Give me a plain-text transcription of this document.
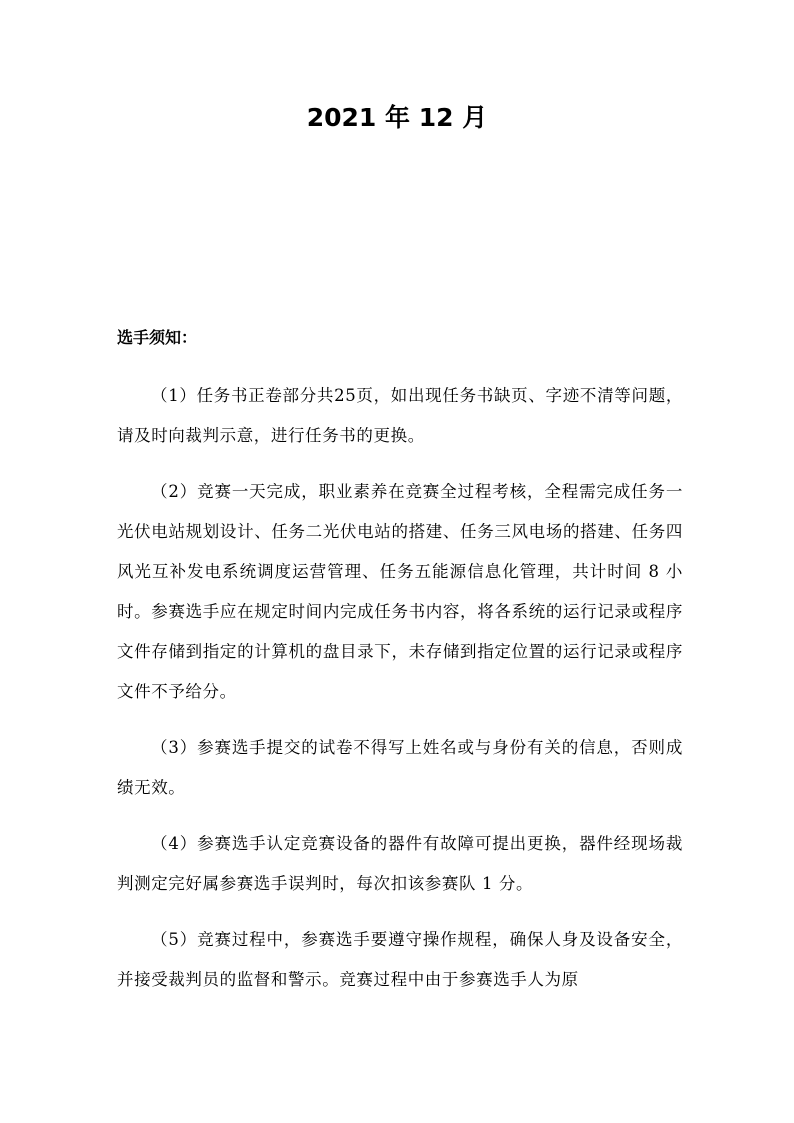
2021 年 12 月
选手须知：

（1）任务书正卷部分共25页，如出现任务书缺页、字迹不清等问题，请及时向裁判示意，进行任务书的更换。

（2）竞赛一天完成，职业素养在竞赛全过程考核，全程需完成任务一光伏电站规划设计、任务二光伏电站的搭建、任务三风电场的搭建、任务四风光互补发电系统调度运营管理、任务五能源信息化管理，共计时间 8 小时。参赛选手应在规定时间内完成任务书内容，将各系统的运行记录或程序文件存储到指定的计算机的盘目录下，未存储到指定位置的运行记录或程序文件不予给分。

（3）参赛选手提交的试卷不得写上姓名或与身份有关的信息，否则成绩无效。

（4）参赛选手认定竞赛设备的器件有故障可提出更换，器件经现场裁判测定完好属参赛选手误判时，每次扣该参赛队 1 分。

（5）竞赛过程中，参赛选手要遵守操作规程，确保人身及设备安全，并接受裁判员的监督和警示。竞赛过程中由于参赛选手人为原
